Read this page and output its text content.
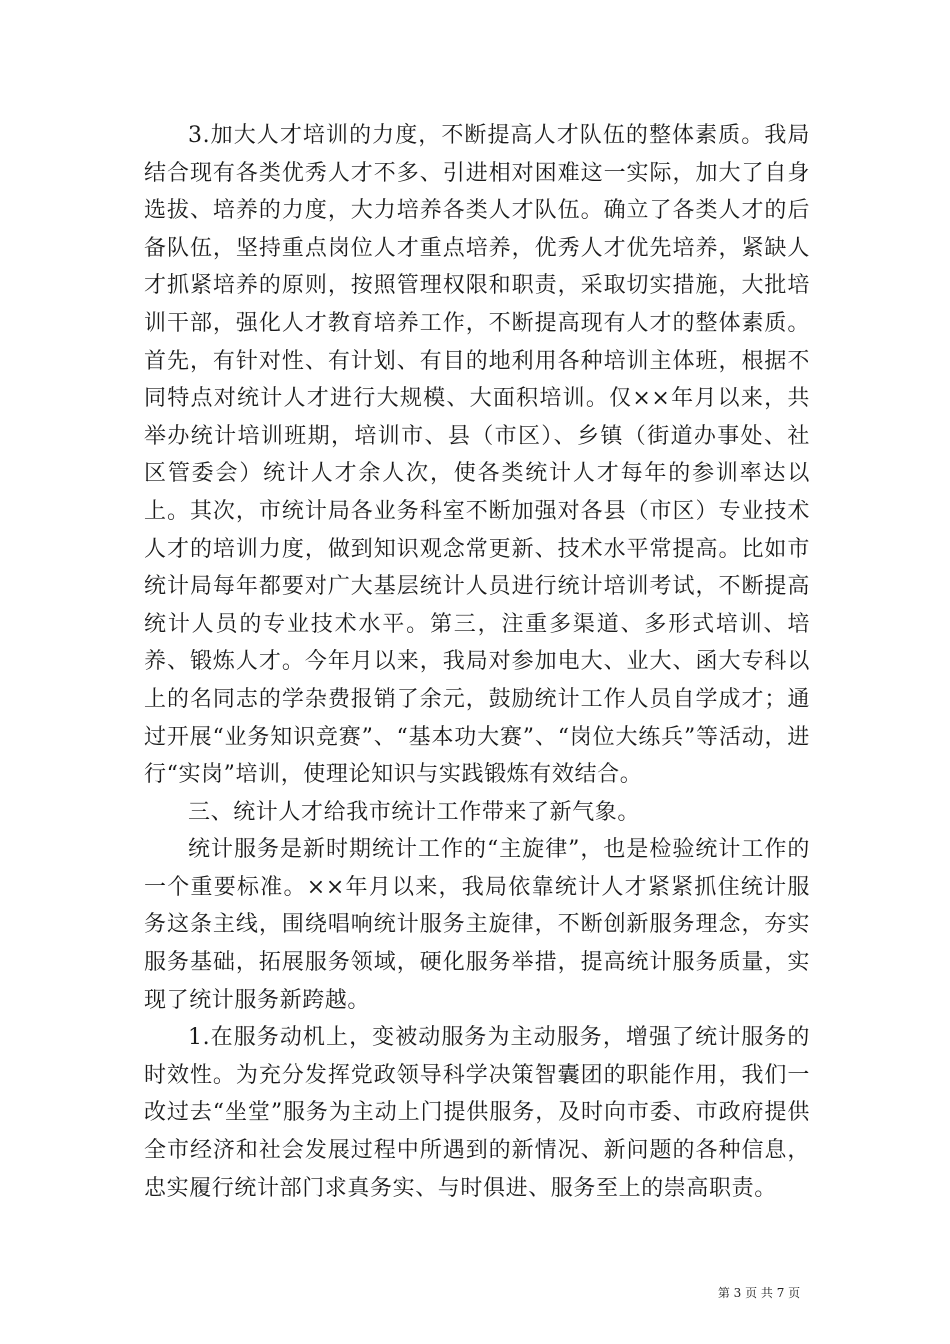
3.加大人才培训的力度，不断提高人才队伍的整体素质。我局结合现有各类优秀人才不多、引进相对困难这一实际，加大了自身选拔、培养的力度，大力培养各类人才队伍。确立了各类人才的后备队伍，坚持重点岗位人才重点培养，优秀人才优先培养，紧缺人才抓紧培养的原则，按照管理权限和职责，采取切实措施，大批培训干部，强化人才教育培养工作，不断提高现有人才的整体素质。首先，有针对性、有计划、有目的地利用各种培训主体班，根据不同特点对统计人才进行大规模、大面积培训。仅××年月以来，共举办统计培训班期，培训市、县（市区）、乡镇（街道办事处、社区管委会）统计人才余人次，使各类统计人才每年的参训率达以上。其次，市统计局各业务科室不断加强对各县（市区）专业技术人才的培训力度，做到知识观念常更新、技术水平常提高。比如市统计局每年都要对广大基层统计人员进行统计培训考试，不断提高统计人员的专业技术水平。第三，注重多渠道、多形式培训、培养、锻炼人才。今年月以来，我局对参加电大、业大、函大专科以上的名同志的学杂费报销了余元，鼓励统计工作人员自学成才；通过开展“业务知识竞赛”、“基本功大赛”、“岗位大练兵”等活动，进行“实岗”培训，使理论知识与实践锻炼有效结合。

三、统计人才给我市统计工作带来了新气象。

统计服务是新时期统计工作的“主旋律”，也是检验统计工作的一个重要标准。××年月以来，我局依靠统计人才紧紧抓住统计服务这条主线，围绕唱响统计服务主旋律，不断创新服务理念，夯实服务基础，拓展服务领域，硬化服务举措，提高统计服务质量，实现了统计服务新跨越。

1.在服务动机上，变被动服务为主动服务，增强了统计服务的时效性。为充分发挥党政领导科学决策智囊团的职能作用，我们一改过去“坐堂”服务为主动上门提供服务，及时向市委、市政府提供全市经济和社会发展过程中所遇到的新情况、新问题的各种信息，忠实履行统计部门求真务实、与时俱进、服务至上的崇高职责。

第 3 页 共 7 页
